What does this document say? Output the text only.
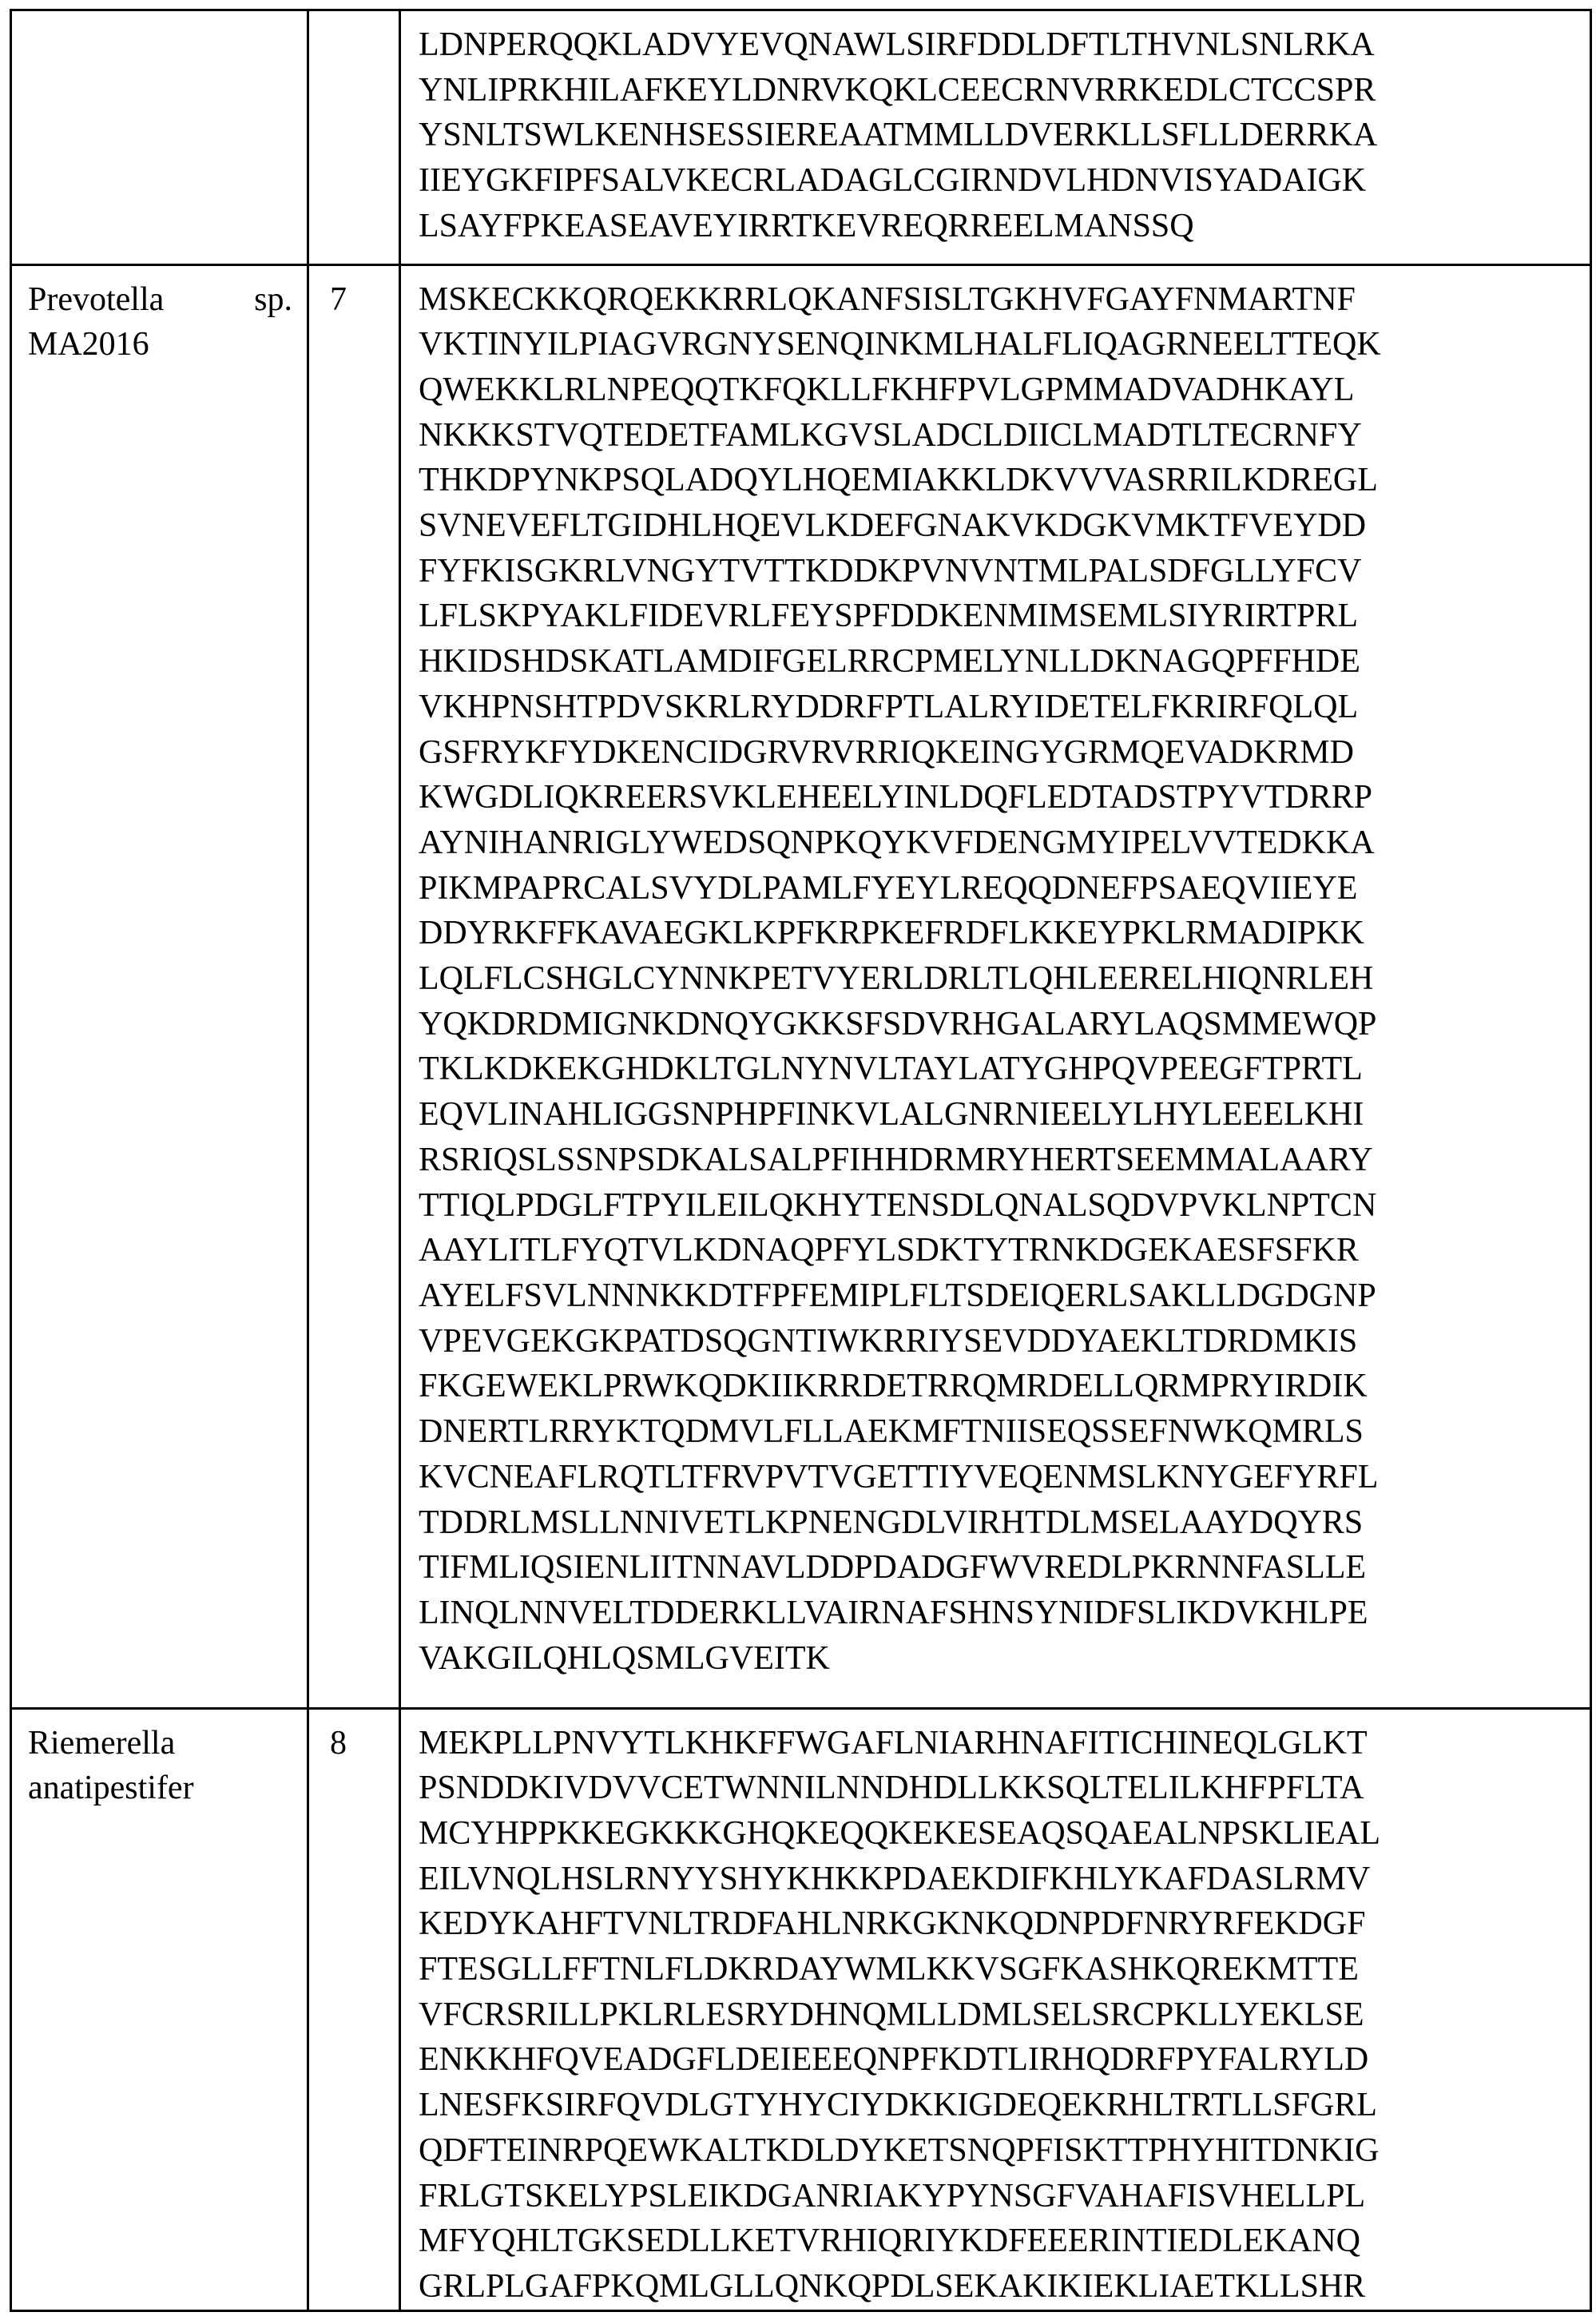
LDNPERQQKLADVYEVQNAWLSIRFDDLDFTLTHVNLSNLRKA
YNLIPRKHILAFKEYLDNRVKQKLCEECRNVRRKEDLCTCCSPR
YSNLTSWLKENHSESSIEREAATMMLLDVERKLLSFLLDERRKA
IIEYGKFIPFSALVKECRLADAGLCGIRNDVLHDNVISYADAIGK
LSAYFPKEASEAVEYIRRTKEVREQRREELMANSSQ

Prevotella sp. MA2016	7	MSKECKKQRQEKKRRLQKANFSISLTGKHVFGAYFNMARTNF
VKTINYILPIAGVRGNYSENQINKMLHALFLIQAGRNEELTTEQK
QWEKKLRLNPEQQTKFQKLLFKHFPVLGPMMADVADHKAYL
NKKKSTVQTEDETFAMLKGVSLADCLDIICLMADTLTECRNFY
THKDPYNKPSQLADQYLHQEMIAKKLDKVVVASRRILKDREGL
SVNEVEFLTGIDHLHQEVLKDEFGNAKVKDGKVMKTFVEYDD
FYFKISGKRLVNGYTVTTKDDKPVNVNTMLPALSDFGLLYFCV
LFLSKPYAKLFIDEVRLFEYSPFDDKENMIMSEMLSIYRIRTPRL
HKIDSHDSKATLAMDIFGELRRCPMELYNLLDKNAGQPFFHDE
VKHPNSHTPDVSKRLRYDDRFPTLALRYIDETELFKRIRFQLQL
GSFRYKFYDKENCIDGRVRVRRIQKEINGYGRMQEVADKRMD
KWGDLIQKREERSVKLEHEELYINLDQFLEDTADSTPYVTDRRP
AYNIHANRIGLYWEDSQNPKQYKVFDENGMYIPELVVTEDKKA
PIKMPAPRCALSVYDLPAMLFYEYLREQQDNEFPSAEQVIIEYE
DDYRKFFKAVAEGKLKPFKRPKEFRDFLKKEYPKLRMADIPKK
LQLFLCSHGLCYNNKPETVYERLDRLTLQHLEERELHIQNRLEH
YQKDRDMIGNKDNQYGKKSFSDVRHGALARYLAQSMMEWQP
TKLKDKEKGHDKLTGLNYNVLTAYLATYGHPQVPEEGFTPRTL
EQVLINAHLIGGSNPHPFINKVLALGNRNIEELYLHYLEEELKHI
RSRIQSLSSNPSDKALSALPFIHHDRMRYHERTSEEMMALAARY
TTIQLPDGLFTPYILEILQKHYTENSDLQNALSQDVPVKLNPTCN
AAYLITLFYQTVLKDNAQPFYLSDKTYTRNKDGEKAESFSFKR
AYELFSVLNNNKKDTFPFEMIPLFLTSDEIQERLSAKLLDGDGNP
VPEVGEKGKPATDSQGNTIWKRRIYSEVDDYAEKLTDRDMKIS
FKGEWEKLPRWKQDKIIKRRDETRRQMRDELLQRMPRYIRDIK
DNERTLRRYKTQDMVLFLLAEKMFTNIISEQSSEFNWKQMRLS
KVCNEAFLRQTLTFRVPVTVGETTIYVEQENMSLKNYGEFYRFL
TDDRLMSLLNNIVETLKPNENGDLVIRHTDLMSELAAYDQYRS
TIFMLIQSIENLIITNNAVLDDPDADGFWVREDLPKRNNFASLLE
LINQLNNVELTDDERKLLVAIRNAFSHNSYNIDFSLIKDVKHLPE
VAKGILQHLQSMLGVEITK

Riemerella anatipestifer	8	MEKPLLPNVYTLKHKFFWGAFLNIARHNAFITICHINEQLGLKT
PSNDDKIVDVVCETWNNILNNDHDLLKKSQLTELILKHFPFLTA
MCYHPPKKEGKKKGHQKEQQKEKESEAQSQAEALNPSKLIEAL
EILVNQLHSLRNYYSHYKHKKPDAEKDIFKHLYKAFDASLRMV
KEDYKAHFTVNLTRDFAHLNRKGKNKQDNPDFNRYRFEKDGF
FTESGLLFFTNLFLDKRDAYWMLKKVSGFKASHKQREKMTTE
VFCRSRILLPKLRLESRYDHNQMLLDMLSELSRCPKLLYEKLSE
ENKKHFQVEADGFLDEIEEEQNPFKDTLIRHQDRFPYFALRYLD
LNESFKSIRFQVDLGTYHYCIYDKKIGDEQEKRHLTRTLLSFGRL
QDFTEINRPQEWKALTKDLDYKETSNQPFISKTTPHYHITDNKIG
FRLGTSKELYPSLEIKDGANRIAKYPYNSGFVAHAFISVHELLPL
MFYQHLTGKSEDLLKETVRHIQRIYKDFEEERINTIEDLEKANQ
GRLPLGAFPKQMLGLLQNKQPDLSEKAKIKIEKLIAETKLLSHR
